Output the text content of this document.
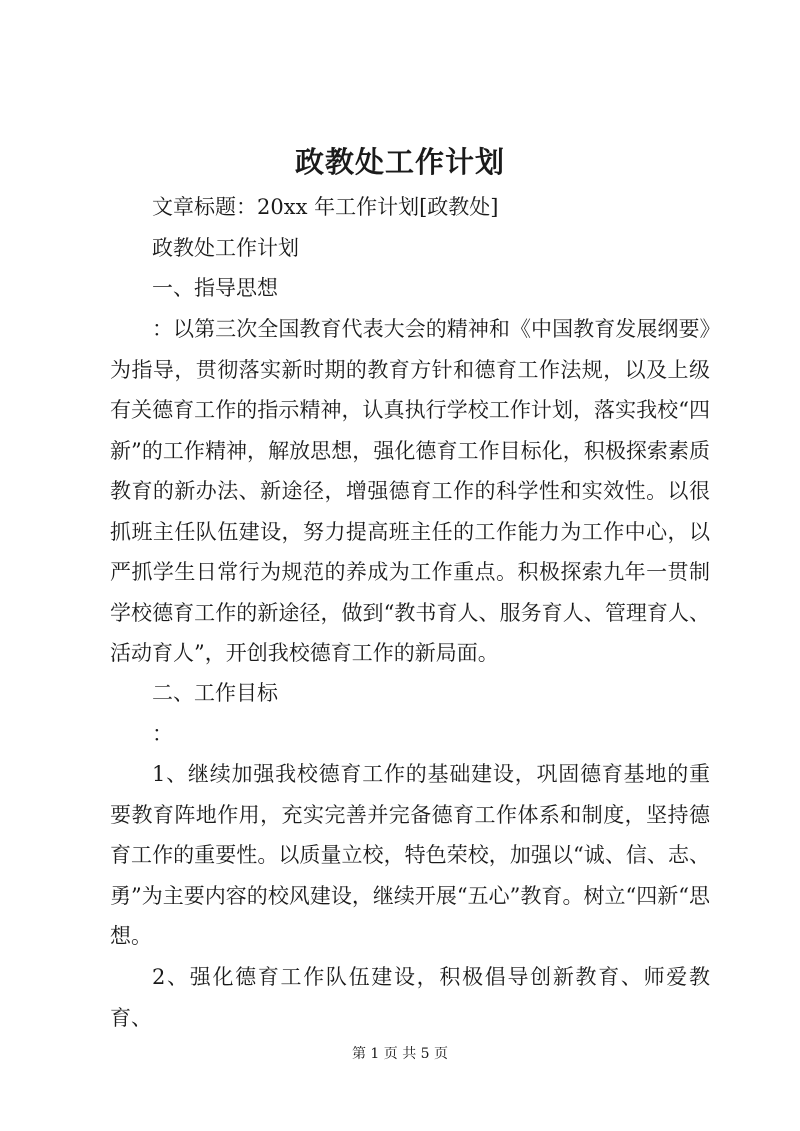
政教处工作计划
文章标题：20xx 年工作计划[政教处]
政教处工作计划
一、指导思想
：以第三次全国教育代表大会的精神和《中国教育发展纲要》为指导，贯彻落实新时期的教育方针和德育工作法规，以及上级有关德育工作的指示精神，认真执行学校工作计划，落实我校“四新”的工作精神，解放思想，强化德育工作目标化，积极探索素质教育的新办法、新途径，增强德育工作的科学性和实效性。以很抓班主任队伍建设，努力提高班主任的工作能力为工作中心，以严抓学生日常行为规范的养成为工作重点。积极探索九年一贯制学校德育工作的新途径，做到“教书育人、服务育人、管理育人、活动育人”，开创我校德育工作的新局面。
二、工作目标
：
1、继续加强我校德育工作的基础建设，巩固德育基地的重要教育阵地作用，充实完善并完备德育工作体系和制度，坚持德育工作的重要性。以质量立校，特色荣校，加强以“诚、信、志、勇”为主要内容的校风建设，继续开展“五心”教育。树立“四新“思想。
2、强化德育工作队伍建设，积极倡导创新教育、师爱教育、
第 1 页 共 5 页
